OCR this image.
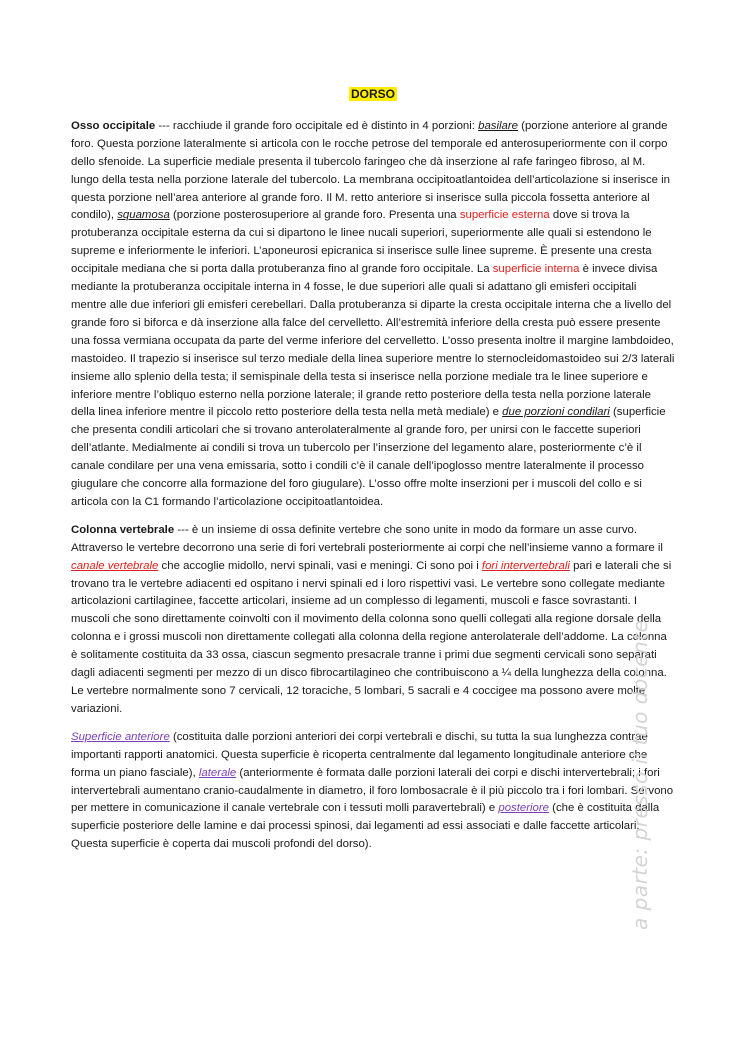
DORSO

Osso occipitale --- racchiude il grande foro occipitale ed è distinto in 4 porzioni: basilare (porzione anteriore al grande foro. Questa porzione lateralmente si articola con le rocche petrose del temporale ed anterosuperiormente con il corpo dello sfenoide. La superficie mediale presenta il tubercolo faringeo che dà inserzione al rafe faringeo fibroso, al M. lungo della testa nella porzione laterale del tubercolo. La membrana occipitoatlantoidea dell’articolazione si inserisce in questa porzione nell’area anteriore al grande foro. Il M. retto anteriore si inserisce sulla piccola fossetta anteriore al condilo), squamosa (porzione posterosuperiore al grande foro. Presenta una superficie esterna dove si trova la protuberanza occipitale esterna da cui si dipartono le linee nucali superiori, superiormente alle quali si estendono le supreme e inferiormente le inferiori. L’aponeurosi epicranica si inserisce sulle linee supreme. È presente una cresta occipitale mediana che si porta dalla protuberanza fino al grande foro occipitale. La superficie interna è invece divisa mediante la protuberanza occipitale interna in 4 fosse, le due superiori alle quali si adattano gli emisferi occipitali mentre alle due inferiori gli emisferi cerebellari. Dalla protuberanza si diparte la cresta occipitale interna che a livello del grande foro si biforca e dà inserzione alla falce del cervelletto. All’estremità inferiore della cresta può essere presente una fossa vermiana occupata da parte del verme inferiore del cervelletto. L’osso presenta inoltre il margine lambdoideo, mastoideo. Il trapezio si inserisce sul terzo mediale della linea superiore mentre lo sternocleidomastoideo sui 2/3 laterali insieme allo splenio della testa; il semispinale della testa si inserisce nella porzione mediale tra le linee superiore e inferiore mentre l’obliquo esterno nella porzione laterale; il grande retto posteriore della testa nella porzione laterale della linea inferiore mentre il piccolo retto posteriore della testa nella metà mediale) e due porzioni condilari (superficie che presenta condili articolari che si trovano anterolateralmente al grande foro, per unirsi con le faccette superiori dell’atlante. Medialmente ai condili si trova un tubercolo per l’inserzione del legamento alare, posteriormente c’è il canale condilare per una vena emissaria, sotto i condili c’è il canale dell’ipoglosso mentre lateralmente il processo giugulare che concorre alla formazione del foro giugulare). L’osso offre molte inserzioni per i muscoli del collo e si articola con la C1 formando l’articolazione occipitoatlantoidea.

Colonna vertebrale --- è un insieme di ossa definite vertebre che sono unite in modo da formare un asse curvo. Attraverso le vertebre decorrono una serie di fori vertebrali posteriormente ai corpi che nell’insieme vanno a formare il canale vertebrale che accoglie midollo, nervi spinali, vasi e meningi. Ci sono poi i fori intervertebrali pari e laterali che si trovano tra le vertebre adiacenti ed ospitano i nervi spinali ed i loro rispettivi vasi. Le vertebre sono collegate mediante articolazioni cartilaginee, faccette articolari, insieme ad un complesso di legamenti, muscoli e fasce sovrastanti. I muscoli che sono direttamente coinvolti con il movimento della colonna sono quelli collegati alla regione dorsale della colonna e i grossi muscoli non direttamente collegati alla colonna della regione anterolaterale dell’addome. La colonna è solitamente costituita da 33 ossa, ciascun segmento presacrale tranne i primi due segmenti cervicali sono separati dagli adiacenti segmenti per mezzo di un disco fibrocartilagineo che contribuiscono a ¼ della lunghezza della colonna. Le vertebre normalmente sono 7 cervicali, 12 toraciche, 5 lombari, 5 sacrali e 4 coccigee ma possono avere molte variazioni.

Superficie anteriore (costituita dalle porzioni anteriori dei corpi vertebrali e dischi, su tutta la sua lunghezza contrae importanti rapporti anatomici. Questa superficie è ricoperta centralmente dal legamento longitudinale anteriore che forma un piano fasciale), laterale (anteriormente è formata dalle porzioni laterali dei corpi e dischi intervertebrali; i fori intervertebrali aumentano cranio-caudalmente in diametro, il foro lombosacrale è il più piccolo tra i fori lombari. Servono per mettere in comunicazione il canale vertebrale con i tessuti molli paravertebrali) e posteriore (che è costituita dalla superficie posteriore delle lamine e dai processi spinosi, dai legamenti ad essi associati e dalle faccette articolari. Questa superficie è coperta dai muscoli profondi del dorso).	a parte: presso il tuo docente
